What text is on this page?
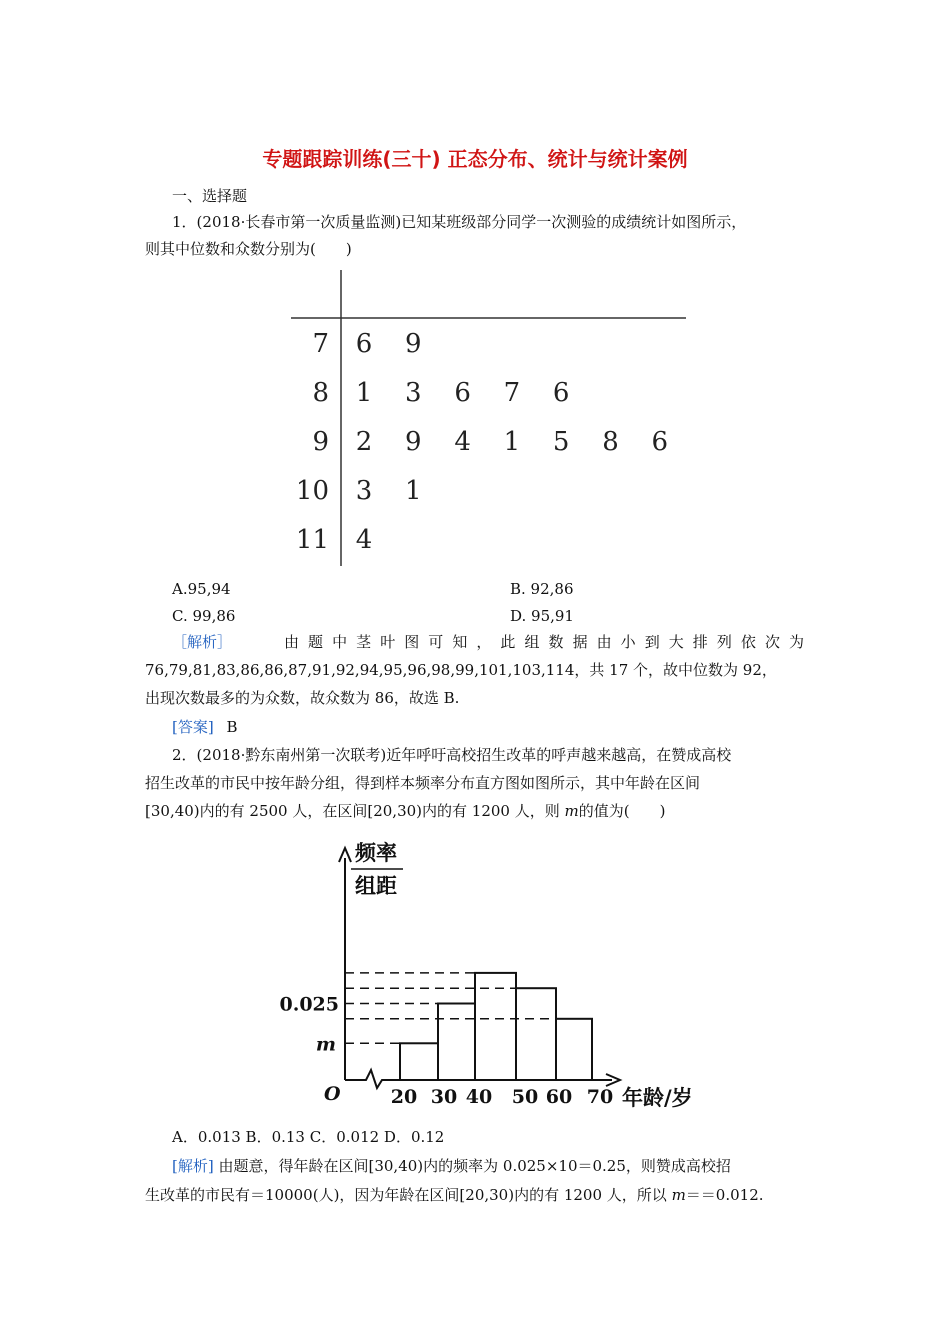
专题跟踪训练(三十) 正态分布、统计与统计案例
一、选择题
1．(2018·长春市第一次质量监测)已知某班级部分同学一次测验的成绩统计如图所示，
则其中位数和众数分别为(　　)
7 6 9
8 1 3 6 7 6
9 2 9 4 1 5 8 6
10 3 1
11 4
A.95,94	B. 92,86
C. 99,86	D. 95,91
［解析］	由 题 中 茎 叶 图 可 知 ， 此 组 数 据 由 小 到 大 排 列 依 次 为
76,79,81,83,86,86,87,91,92,94,95,96,98,99,101,103,114，共 17 个，故中位数为 92，
出现次数最多的为众数，故众数为 86，故选 B.
[答案] B
2．(2018·黔东南州第一次联考)近年呼吁高校招生改革的呼声越来越高，在赞成高校
招生改革的市民中按年龄分组，得到样本频率分布直方图如图所示，其中年龄在区间
[30,40)内的有 2500 人，在区间[20,30)内的有 1200 人，则 m的值为(　　)
频率
组距
0.025
m
O	20 30 40 50 60 70 年龄/岁
A．0.013 B．0.13 C．0.012 D．0.12
[解析] 由题意，得年龄在区间[30,40)内的频率为 0.025×10＝0.25，则赞成高校招
生改革的市民有＝10000(人)，因为年龄在区间[20,30)内的有 1200 人，所以 m＝＝0.012.
